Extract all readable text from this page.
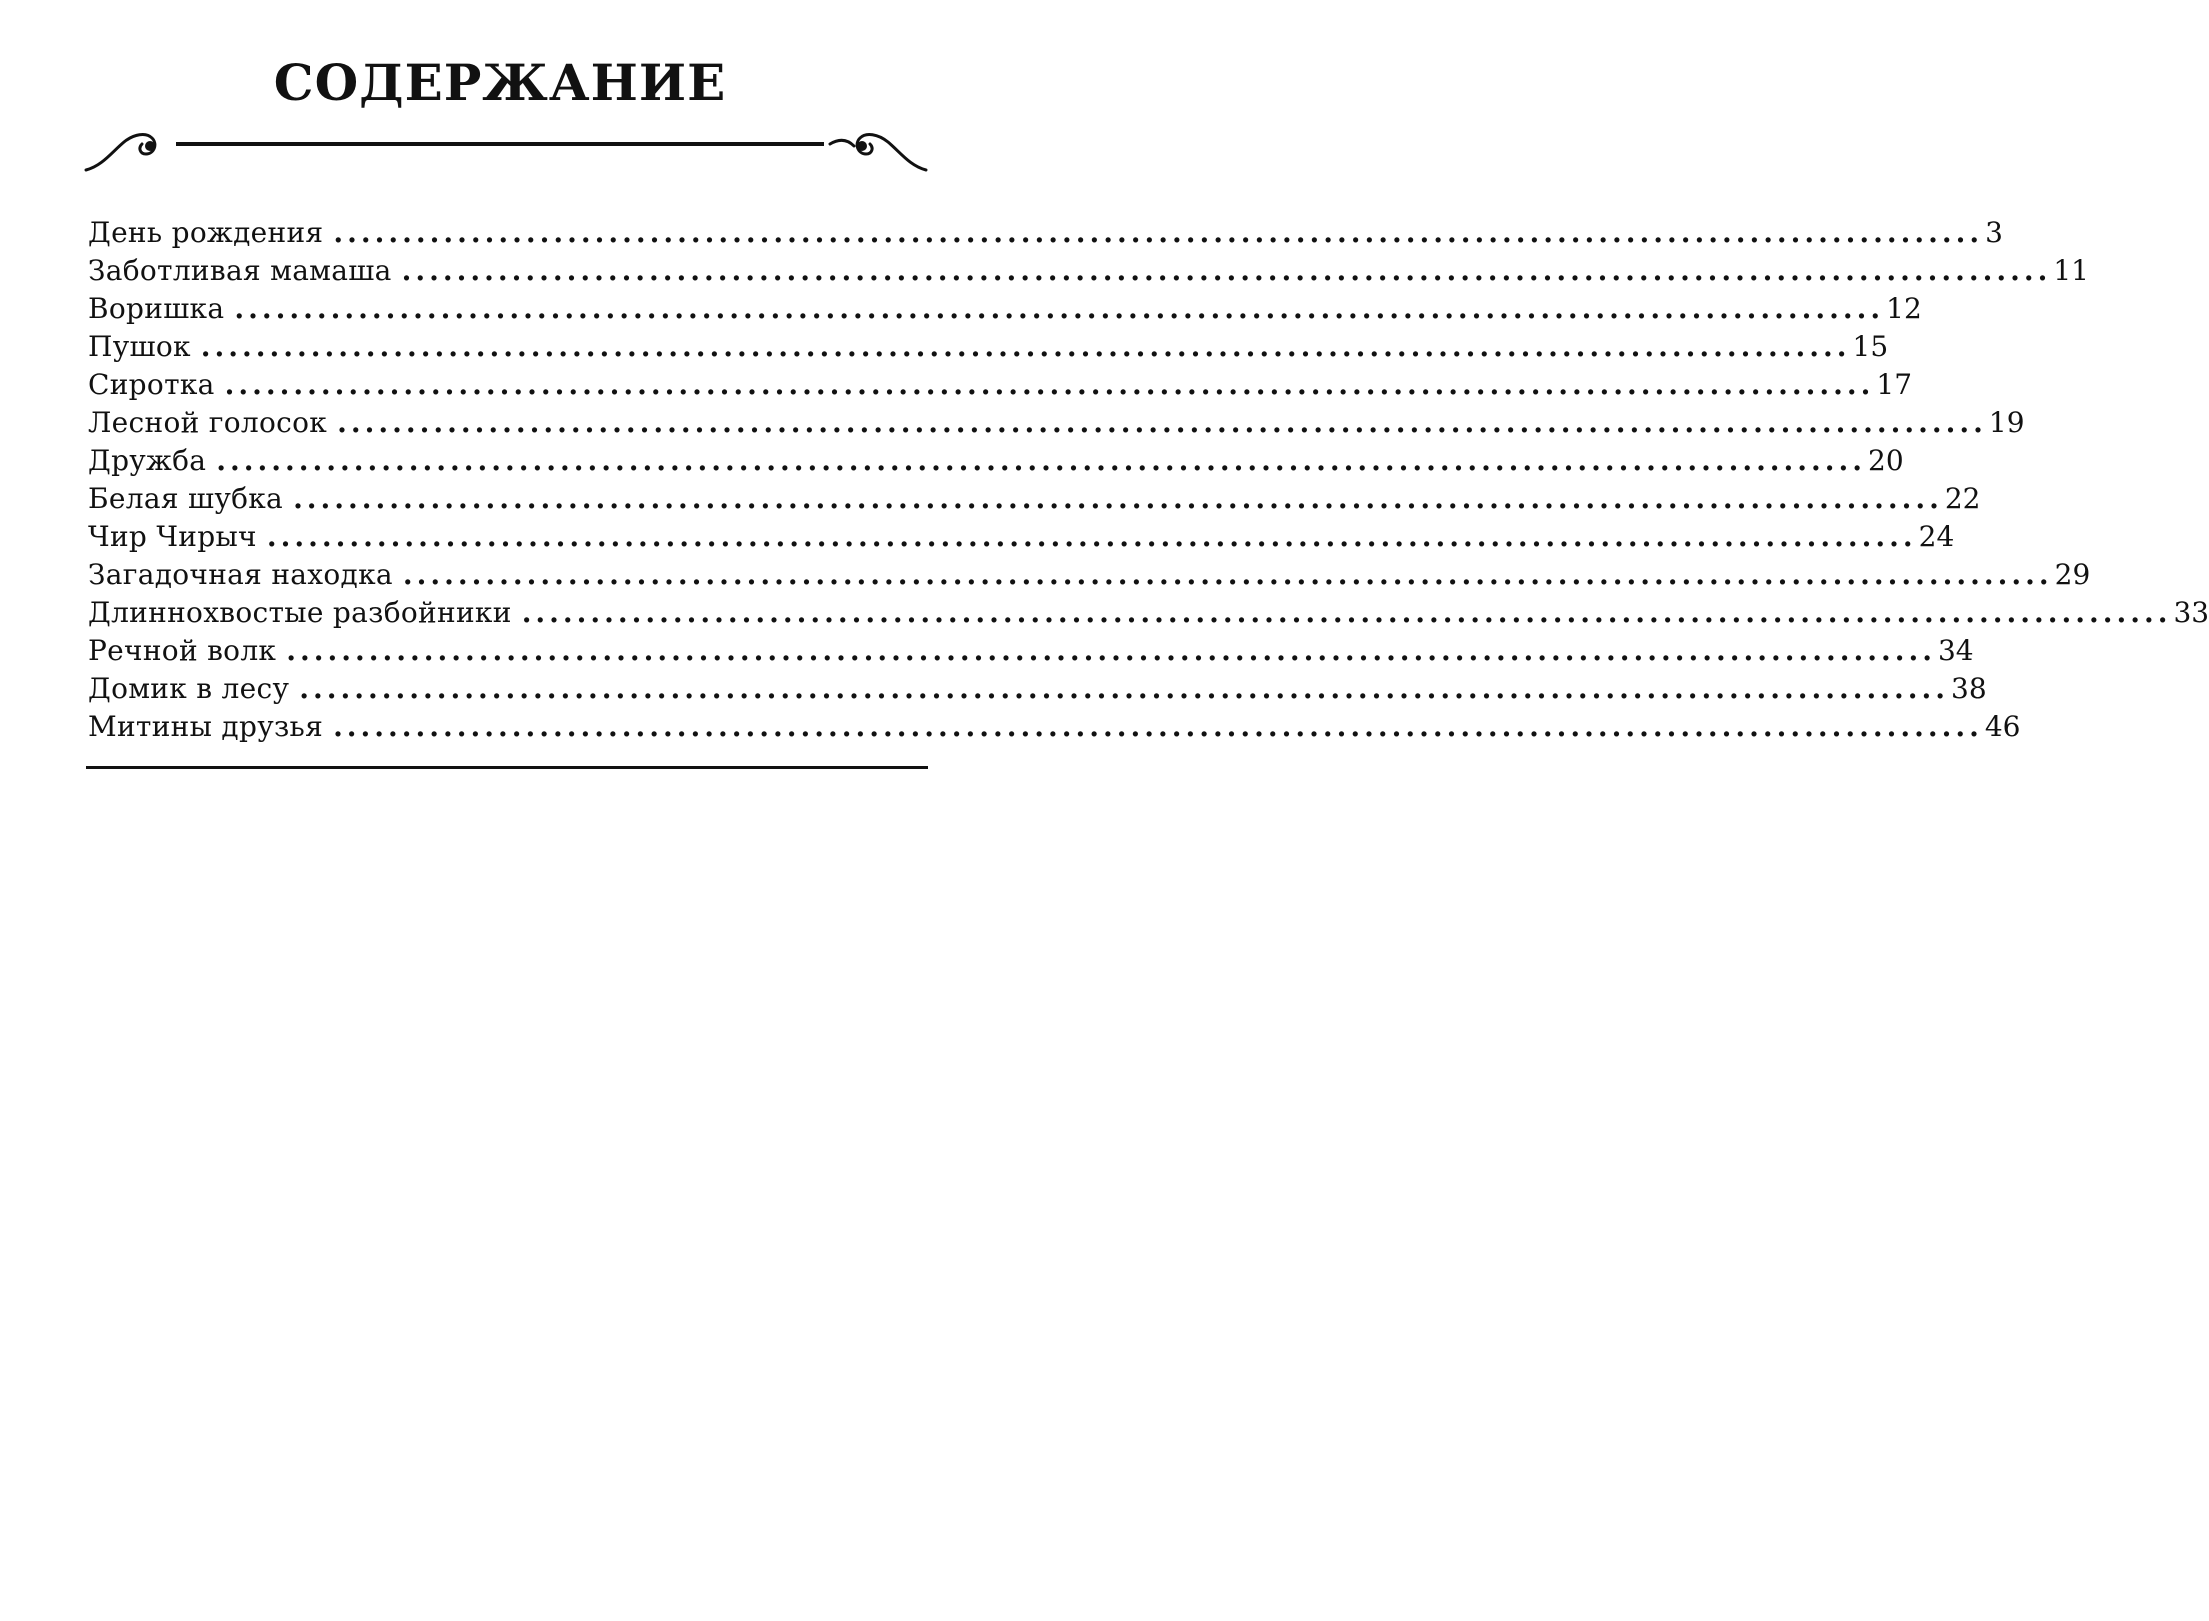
СОДЕРЖАНИЕ
День рождения ........................................................................................................................ 3
Заботливая мамаша ........................................................................................................................ 11
Воришка ........................................................................................................................ 12
Пушок ........................................................................................................................ 15
Сиротка ........................................................................................................................ 17
Лесной голосок ........................................................................................................................ 19
Дружба ........................................................................................................................ 20
Белая шубка ........................................................................................................................ 22
Чир Чирыч ........................................................................................................................ 24
Загадочная находка ........................................................................................................................ 29
Длиннохвостые разбойники ........................................................................................................................ 33
Речной волк ........................................................................................................................ 34
Домик в лесу ........................................................................................................................ 38
Митины друзья ........................................................................................................................ 46
